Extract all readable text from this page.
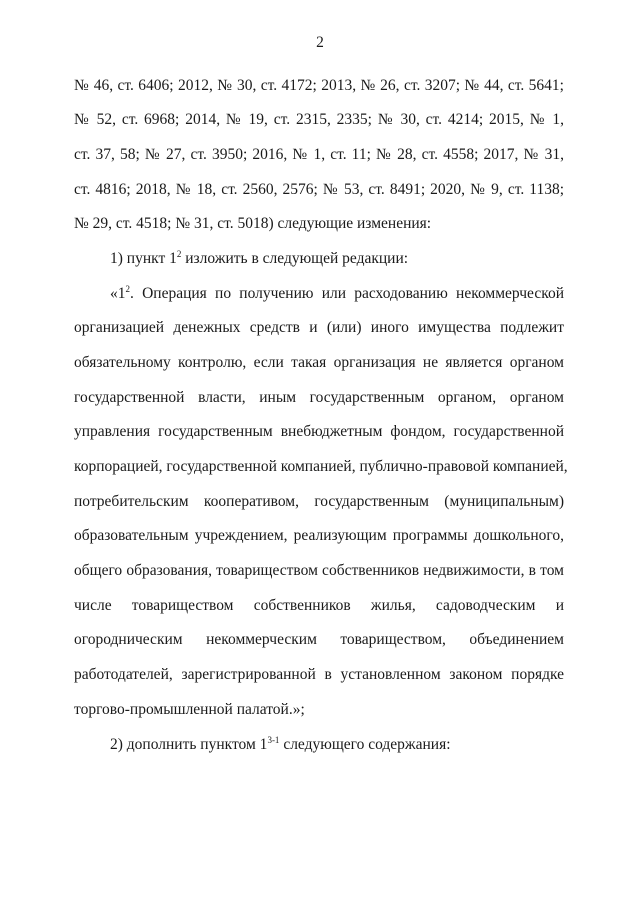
2
№ 46, ст. 6406; 2012, № 30, ст. 4172; 2013, № 26, ст. 3207; № 44, ст. 5641;
№ 52, ст. 6968; 2014, № 19, ст. 2315, 2335; № 30, ст. 4214; 2015, № 1,
ст. 37, 58; № 27, ст. 3950; 2016, № 1, ст. 11; № 28, ст. 4558; 2017, № 31,
ст. 4816; 2018, № 18, ст. 2560, 2576; № 53, ст. 8491; 2020, № 9, ст. 1138;
№ 29, ст. 4518; № 31, ст. 5018) следующие изменения:
1) пункт $1^2$ изложить в следующей редакции:
«$1^2$. Операция по получению или расходованию некоммерческой
организацией денежных средств и (или) иного имущества подлежит
обязательному контролю, если такая организация не является органом
государственной власти, иным государственным органом, органом
управления государственным внебюджетным фондом, государственной
корпорацией, государственной компанией, публично-правовой компанией,
потребительским кооперативом, государственным (муниципальным)
образовательным учреждением, реализующим программы дошкольного,
общего образования, товариществом собственников недвижимости, в том
числе товариществом собственников жилья, садоводческим и
огородническим некоммерческим товариществом, объединением
работодателей, зарегистрированной в установленном законом порядке
торгово-промышленной палатой.»;
2) дополнить пунктом 1$^{3-1}$ следующего содержания:
